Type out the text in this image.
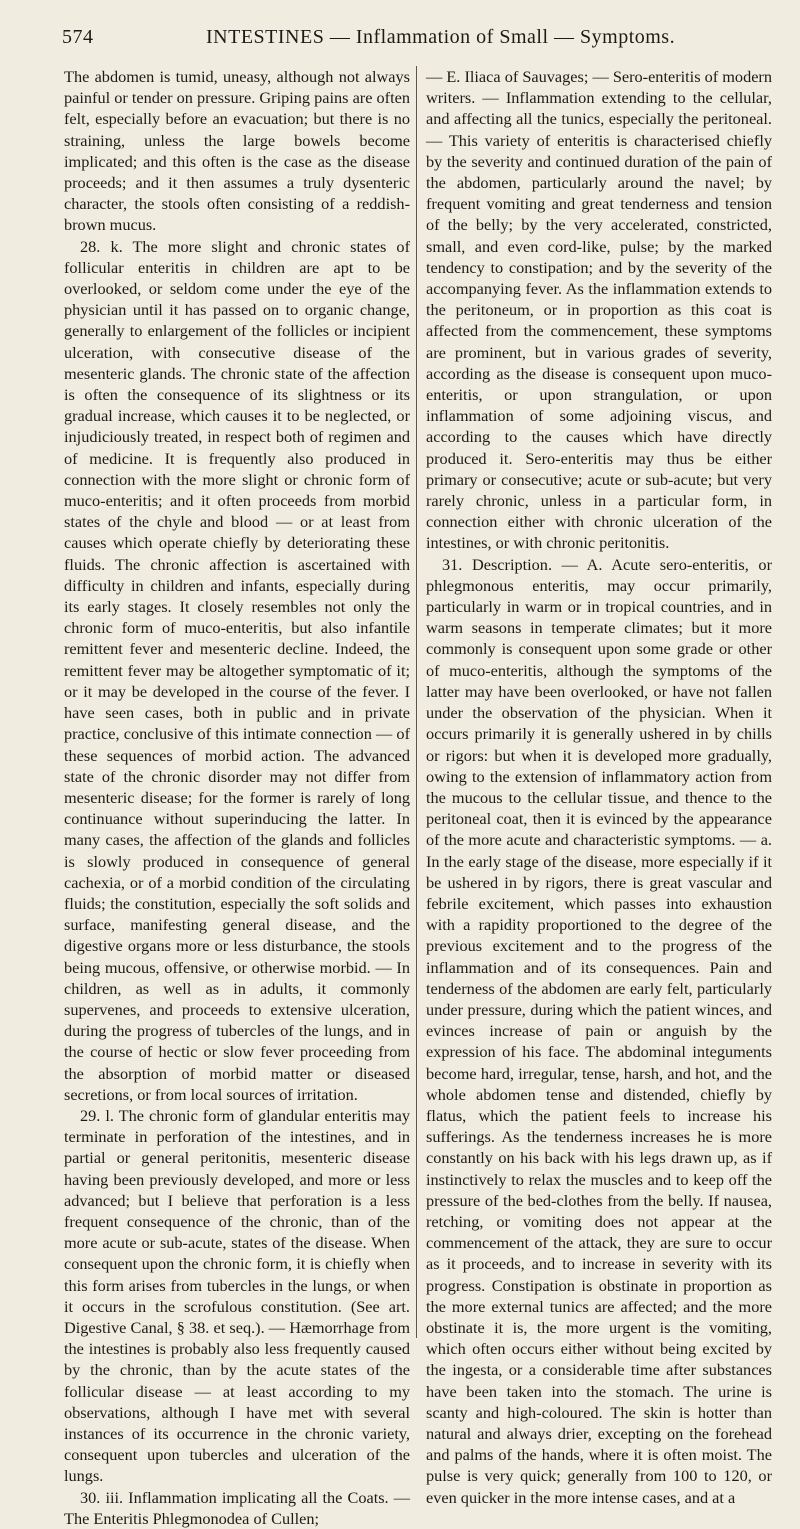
574	INTESTINES — Inflammation of Small — Symptoms.

The abdomen is tumid, uneasy, although not always painful or tender on pressure. Griping pains are often felt, especially before an evacuation; but there is no straining, unless the large bowels become implicated; and this often is the case as the disease proceeds; and it then assumes a truly dysenteric character, the stools often consisting of a reddish-brown mucus.

28. k. The more slight and chronic states of follicular enteritis in children are apt to be overlooked, or seldom come under the eye of the physician until it has passed on to organic change, generally to enlargement of the follicles or incipient ulceration, with consecutive disease of the mesenteric glands. The chronic state of the affection is often the consequence of its slightness or its gradual increase, which causes it to be neglected, or injudiciously treated, in respect both of regimen and of medicine. It is frequently also produced in connection with the more slight or chronic form of muco-enteritis; and it often proceeds from morbid states of the chyle and blood — or at least from causes which operate chiefly by deteriorating these fluids. The chronic affection is ascertained with difficulty in children and infants, especially during its early stages. It closely resembles not only the chronic form of muco-enteritis, but also infantile remittent fever and mesenteric decline. Indeed, the remittent fever may be altogether symptomatic of it; or it may be developed in the course of the fever. I have seen cases, both in public and in private practice, conclusive of this intimate connection — of these sequences of morbid action. The advanced state of the chronic disorder may not differ from mesenteric disease; for the former is rarely of long continuance without superinducing the latter. In many cases, the affection of the glands and follicles is slowly produced in consequence of general cachexia, or of a morbid condition of the circulating fluids; the constitution, especially the soft solids and surface, manifesting general disease, and the digestive organs more or less disturbance, the stools being mucous, offensive, or otherwise morbid. — In children, as well as in adults, it commonly supervenes, and proceeds to extensive ulceration, during the progress of tubercles of the lungs, and in the course of hectic or slow fever proceeding from the absorption of morbid matter or diseased secretions, or from local sources of irritation.

29. l. The chronic form of glandular enteritis may terminate in perforation of the intestines, and in partial or general peritonitis, mesenteric disease having been previously developed, and more or less advanced; but I believe that perforation is a less frequent consequence of the chronic, than of the more acute or sub-acute, states of the disease. When consequent upon the chronic form, it is chiefly when this form arises from tubercles in the lungs, or when it occurs in the scrofulous constitution. (See art. Digestive Canal, § 38. et seq.). — Hæmorrhage from the intestines is probably also less frequently caused by the chronic, than by the acute states of the follicular disease — at least according to my observations, although I have met with several instances of its occurrence in the chronic variety, consequent upon tubercles and ulceration of the lungs.

30. iii. Inflammation implicating all the Coats. — The Enteritis Phlegmonodea of Cullen;

— E. Iliaca of Sauvages; — Sero-enteritis of modern writers. — Inflammation extending to the cellular, and affecting all the tunics, especially the peritoneal. — This variety of enteritis is characterised chiefly by the severity and continued duration of the pain of the abdomen, particularly around the navel; by frequent vomiting and great tenderness and tension of the belly; by the very accelerated, constricted, small, and even cord-like, pulse; by the marked tendency to constipation; and by the severity of the accompanying fever. As the inflammation extends to the peritoneum, or in proportion as this coat is affected from the commencement, these symptoms are prominent, but in various grades of severity, according as the disease is consequent upon muco-enteritis, or upon strangulation, or upon inflammation of some adjoining viscus, and according to the causes which have directly produced it. Sero-enteritis may thus be either primary or consecutive; acute or sub-acute; but very rarely chronic, unless in a particular form, in connection either with chronic ulceration of the intestines, or with chronic peritonitis.

31. Description. — A. Acute sero-enteritis, or phlegmonous enteritis, may occur primarily, particularly in warm or in tropical countries, and in warm seasons in temperate climates; but it more commonly is consequent upon some grade or other of muco-enteritis, although the symptoms of the latter may have been overlooked, or have not fallen under the observation of the physician. When it occurs primarily it is generally ushered in by chills or rigors: but when it is developed more gradually, owing to the extension of inflammatory action from the mucous to the cellular tissue, and thence to the peritoneal coat, then it is evinced by the appearance of the more acute and characteristic symptoms. — a. In the early stage of the disease, more especially if it be ushered in by rigors, there is great vascular and febrile excitement, which passes into exhaustion with a rapidity proportioned to the degree of the previous excitement and to the progress of the inflammation and of its consequences. Pain and tenderness of the abdomen are early felt, particularly under pressure, during which the patient winces, and evinces increase of pain or anguish by the expression of his face. The abdominal integuments become hard, irregular, tense, harsh, and hot, and the whole abdomen tense and distended, chiefly by flatus, which the patient feels to increase his sufferings. As the tenderness increases he is more constantly on his back with his legs drawn up, as if instinctively to relax the muscles and to keep off the pressure of the bed-clothes from the belly. If nausea, retching, or vomiting does not appear at the commencement of the attack, they are sure to occur as it proceeds, and to increase in severity with its progress. Constipation is obstinate in proportion as the more external tunics are affected; and the more obstinate it is, the more urgent is the vomiting, which often occurs either without being excited by the ingesta, or a considerable time after substances have been taken into the stomach. The urine is scanty and high-coloured. The skin is hotter than natural and always drier, excepting on the forehead and palms of the hands, where it is often moist. The pulse is very quick; generally from 100 to 120, or even quicker in the more intense cases, and at a
